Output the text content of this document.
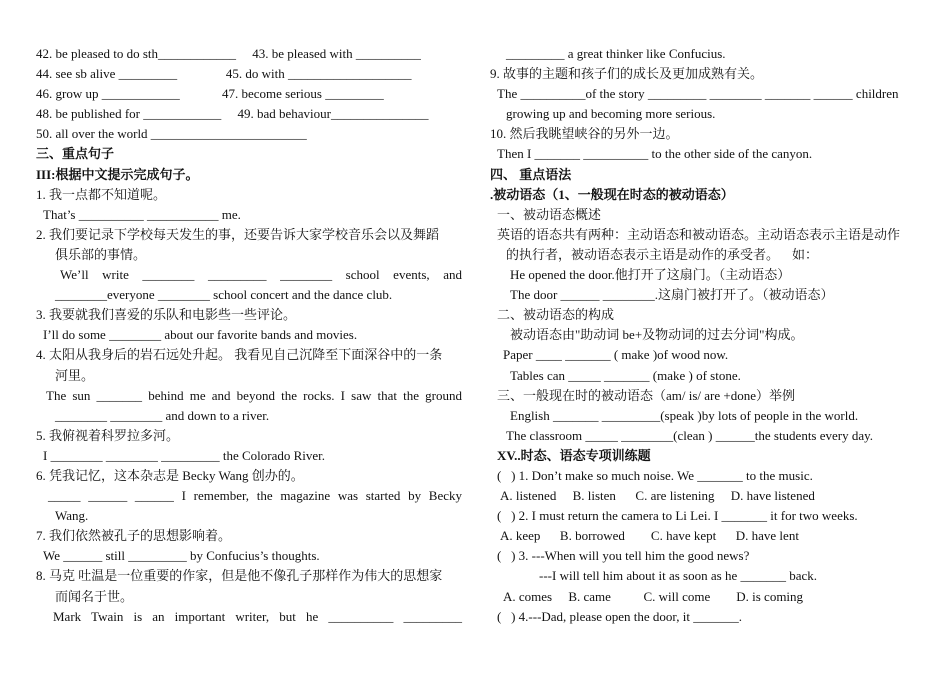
42. be pleased to do sth____________     43. be pleased with __________
44. see sb alive _________               45. do with ___________________
46. grow up ____________             47. become serious _________
48. be published for ____________     49. bad behaviour_______________
50. all over the world ________________________
三、重点句子
III:根据中文提示完成句子。
1. 我一点都不知道呢。
That’s __________ ___________ me.
2. 我们要记录下学校每天发生的事，还要告诉大家学校音乐会以及舞蹈
俱乐部的事情。
We’ll write ________ _________ ________ school events, and
________everyone ________ school concert and the dance club.
3. 我要就我们喜爱的乐队和电影些一些评论。
I’ll do some ________ about our favorite bands and movies.
4. 太阳从我身后的岩石远处升起。 我看见自己沉降至下面深谷中的一条
河里。
The sun _______ behind me and beyond the rocks. I saw that the ground
________ ________ and down to a river.
5. 我俯视着科罗拉多河。
I ________ ________ _________ the Colorado River.
6. 凭我记忆，这本杂志是 Becky Wang 创办的。
_____ ______ ______ I remember, the magazine was started by Becky
Wang.
7. 我们依然被孔子的思想影响着。
We ______ still _________ by Confucius’s thoughts.
8. 马克 吐温是一位重要的作家，但是他不像孔子那样作为伟大的思想家
而闻名于世。
Mark Twain is an important writer, but he __________ _________
_________ a great thinker like Confucius.
9. 故事的主题和孩子们的成长及更加成熟有关。
The __________of the story _________ ________ _______ ______ children
growing up and becoming more serious.
10. 然后我眺望峡谷的另外一边。
Then I _______ __________ to the other side of the canyon.
四、 重点语法
.被动语态（1、一般现在时态的被动语态）
一、被动语态概述
英语的语态共有两种：主动语态和被动语态。主动语态表示主语是动作
的执行者，被动语态表示主语是动作的承受者。    如：
He opened the door.他打开了这扇门。（主动语态）
The door ______ ________.这扇门被打开了。（被动语态）
二、被动语态的构成
被动语态由"助动词 be+及物动词的过去分词"构成。
Paper ____ _______ ( make )of wood now.
Tables can _____ _______ (make ) of stone.
三、一般现在时的被动语态（am/ is/ are +done）举例
English _______ _________(speak )by lots of people in the world.
The classroom _____ ________(clean ) ______the students every day.
XV..时态、语态专项训练题
(   ) 1. Don’t make so much noise. We _______ to the music.
A. listened     B. listen      C. are listening     D. have listened
(   ) 2. I must return the camera to Li Lei. I _______ it for two weeks.
A. keep      B. borrowed        C. have kept      D. have lent
(   ) 3. ---When will you tell him the good news?
---I will tell him about it as soon as he _______ back.
A. comes     B. came          C. will come        D. is coming
(   ) 4.---Dad, please open the door, it _______.
